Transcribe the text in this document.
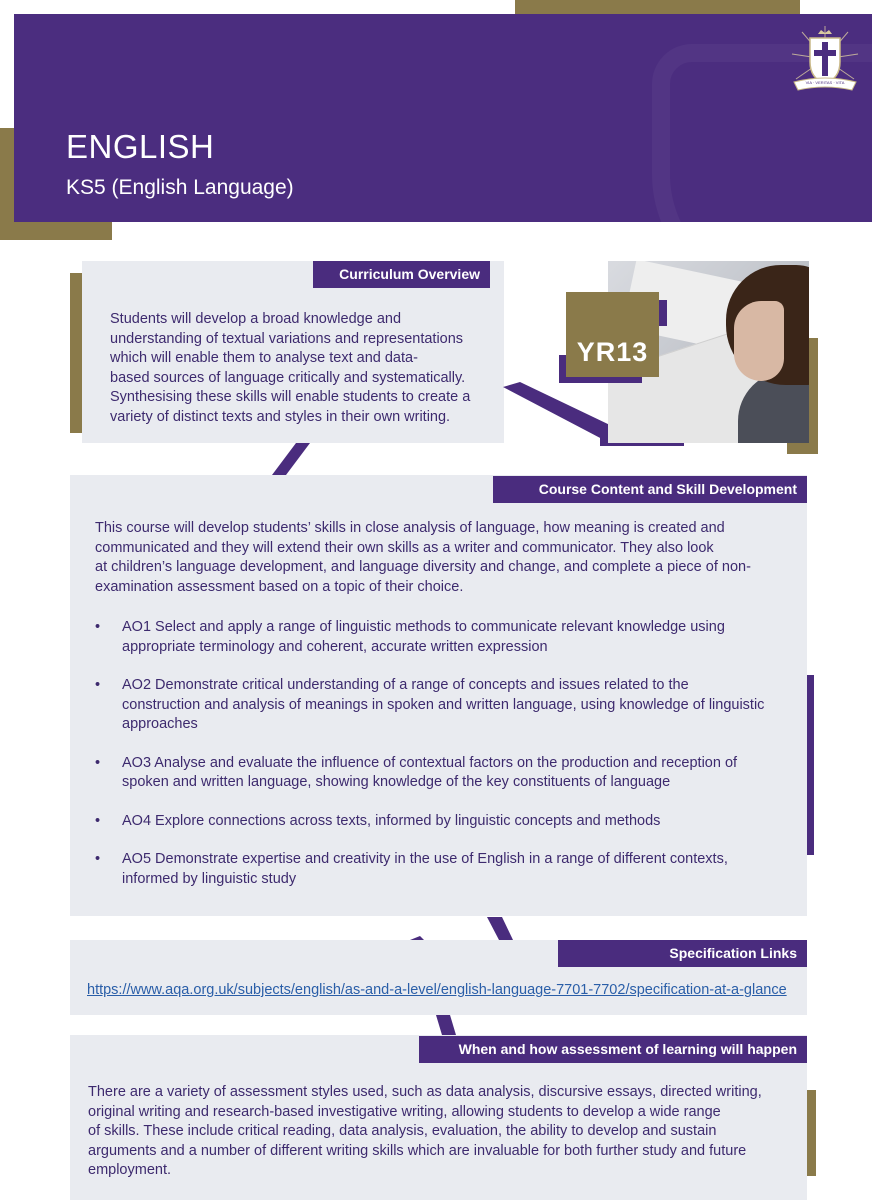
ENGLISH
KS5 (English Language)
VIA · VERITAS · VITA
Curriculum Overview
Students will develop a broad knowledge and
understanding of textual variations and representations
which will enable them to analyse text and data-
based sources of language critically and systematically.
Synthesising these skills will enable students to create a
variety of distinct texts and styles in their own writing.
YR13
Course Content and Skill Development
This course will develop students’ skills in close analysis of language, how meaning is created and
communicated and they will extend their own skills as a writer and communicator. They also look
at children’s language development, and language diversity and change, and complete a piece of non-
examination assessment based on a topic of their choice.
• AO1 Select and apply a range of linguistic methods to communicate relevant knowledge using
appropriate terminology and coherent, accurate written expression
• AO2 Demonstrate critical understanding of a range of concepts and issues related to the
construction and analysis of meanings in spoken and written language, using knowledge of linguistic
approaches
• AO3 Analyse and evaluate the influence of contextual factors on the production and reception of
spoken and written language, showing knowledge of the key constituents of language
• AO4 Explore connections across texts, informed by linguistic concepts and methods
• AO5 Demonstrate expertise and creativity in the use of English in a range of different contexts,
informed by linguistic study
Specification Links
https://www.aqa.org.uk/subjects/english/as-and-a-level/english-language-7701-7702/specification-at-a-glance
When and how assessment of learning will happen
There are a variety of assessment styles used, such as data analysis, discursive essays, directed writing,
original writing and research-based investigative writing, allowing students to develop a wide range
of skills. These include critical reading, data analysis, evaluation, the ability to develop and sustain
arguments and a number of different writing skills which are invaluable for both further study and future
employment.
